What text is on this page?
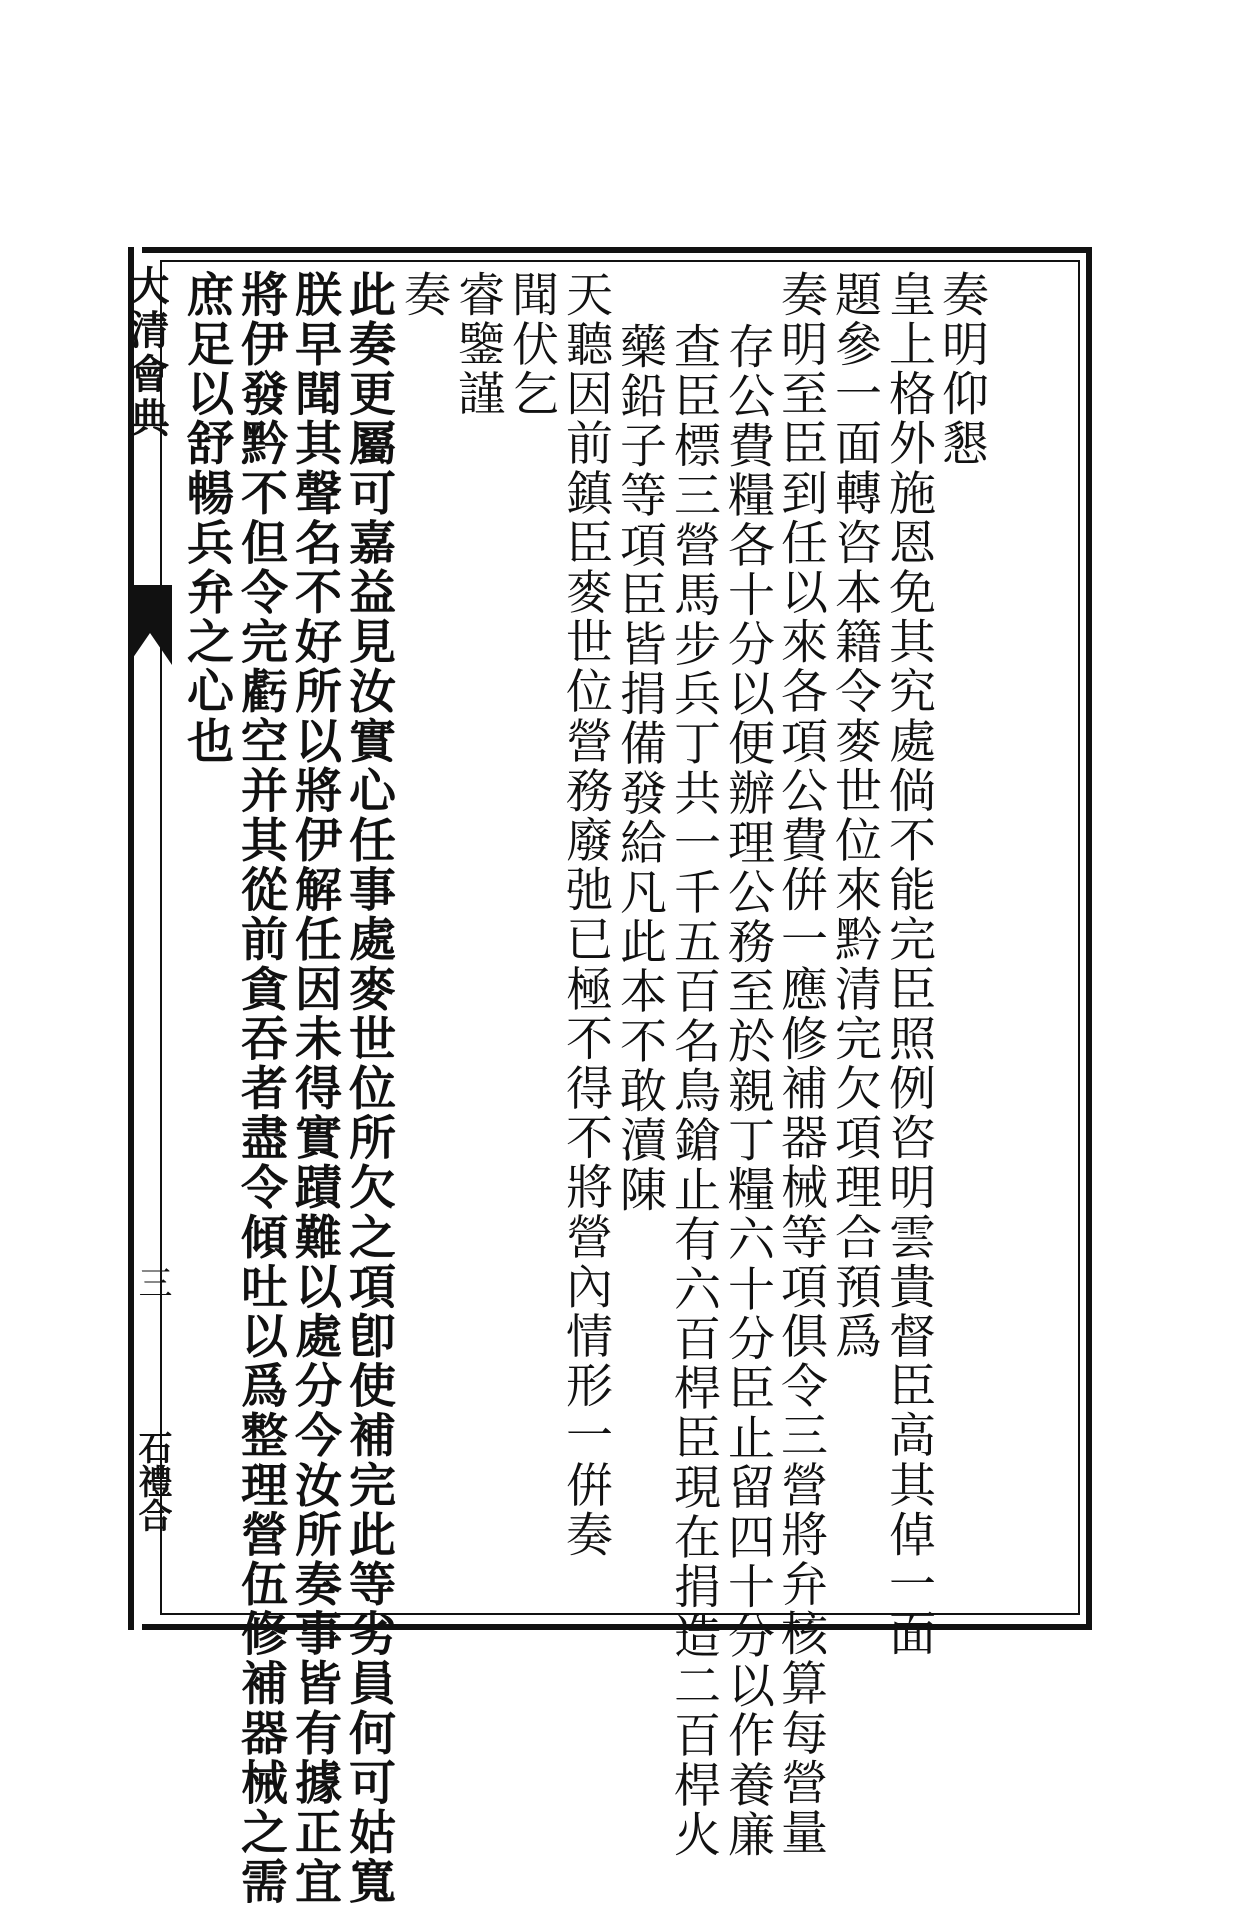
大清會典
三
石禮合
奏明仰懇
皇上格外施恩免其究處倘不能完臣照例咨明雲貴督臣高其倬一面
題參一面轉咨本籍令麥世位來黔清完欠項理合預爲
奏明至臣到任以來各項公費倂一應修補器械等項俱令三營將弁核算每營量
存公費糧各十分以便辦理公務至於親丁糧六十分臣止留四十分以作養廉
查臣標三營馬步兵丁共一千五百名鳥鎗止有六百桿臣現在捐造二百桿火
藥鉛子等項臣皆捐備發給凡此本不敢瀆陳
天聽因前鎮臣麥世位營務廢弛已極不得不將營內情形一倂奏
聞伏乞
睿鑒謹
奏
此奏更屬可嘉益見汝實心任事處麥世位所欠之項卽使補完此等劣員何可姑寬
朕早聞其聲名不好所以將伊解任因未得實蹟難以處分今汝所奏事皆有據正宜
將伊發黔不但令完虧空并其從前貪吞者盡令傾吐以爲整理營伍修補器械之需
庶足以舒暢兵弁之心也
